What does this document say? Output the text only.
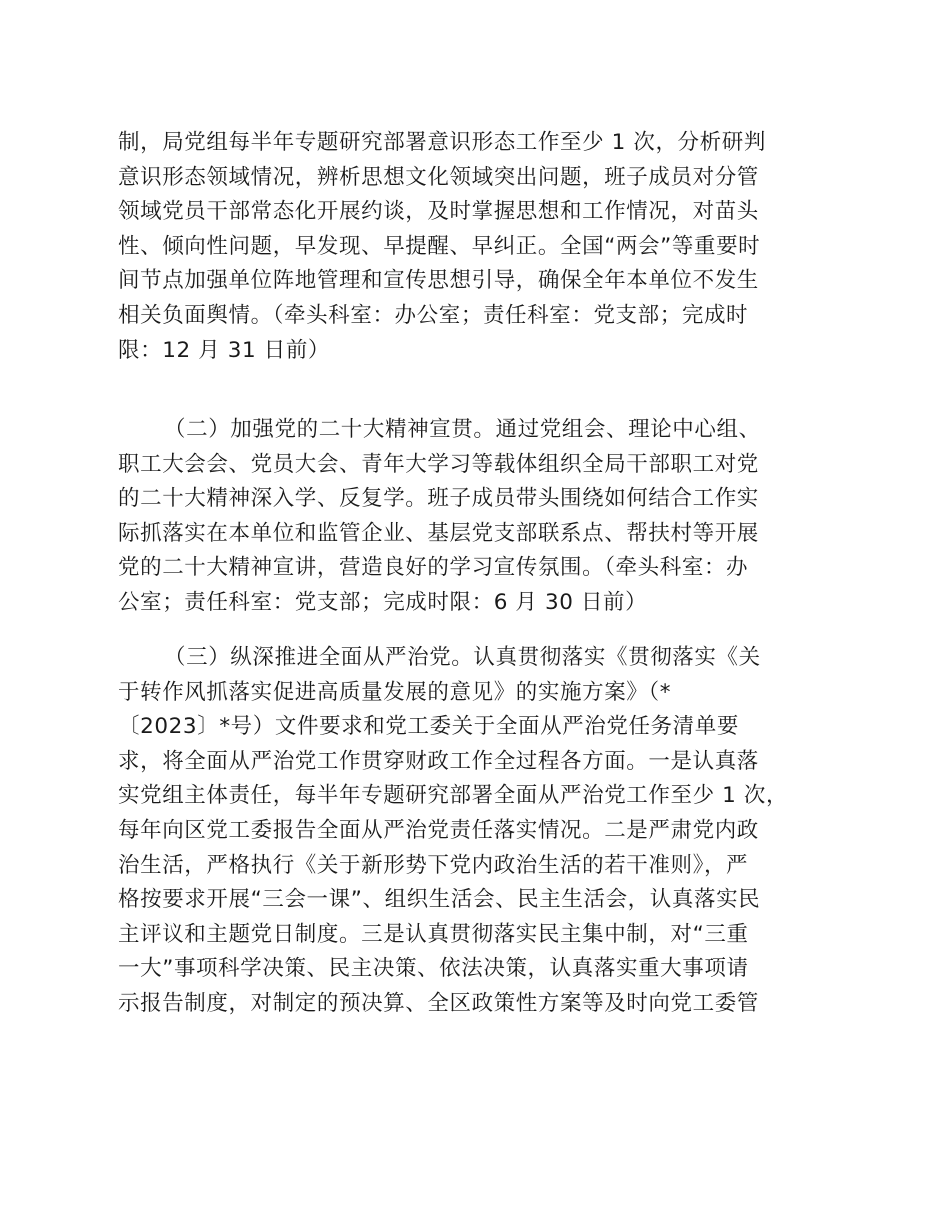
制，局党组每半年专题研究部署意识形态工作至少 1 次，分析研判
意识形态领域情况，辨析思想文化领域突出问题，班子成员对分管
领域党员干部常态化开展约谈，及时掌握思想和工作情况，对苗头
性、倾向性问题，早发现、早提醒、早纠正。全国“两会”等重要时
间节点加强单位阵地管理和宣传思想引导，确保全年本单位不发生
相关负面舆情。（牵头科室：办公室；责任科室：党支部；完成时
限：12 月 31 日前）
（二）加强党的二十大精神宣贯。通过党组会、理论中心组、
职工大会会、党员大会、青年大学习等载体组织全局干部职工对党
的二十大精神深入学、反复学。班子成员带头围绕如何结合工作实
际抓落实在本单位和监管企业、基层党支部联系点、帮扶村等开展
党的二十大精神宣讲，营造良好的学习宣传氛围。（牵头科室：办
公室；责任科室：党支部；完成时限：6 月 30 日前）
（三）纵深推进全面从严治党。认真贯彻落实《贯彻落实《关
于转作风抓落实促进高质量发展的意见》的实施方案》（*
〔2023〕*号）文件要求和党工委关于全面从严治党任务清单要
求，将全面从严治党工作贯穿财政工作全过程各方面。一是认真落
实党组主体责任，每半年专题研究部署全面从严治党工作至少 1 次，
每年向区党工委报告全面从严治党责任落实情况。二是严肃党内政
治生活，严格执行《关于新形势下党内政治生活的若干准则》，严
格按要求开展“三会一课”、组织生活会、民主生活会，认真落实民
主评议和主题党日制度。三是认真贯彻落实民主集中制，对“三重
一大”事项科学决策、民主决策、依法决策，认真落实重大事项请
示报告制度，对制定的预决算、全区政策性方案等及时向党工委管
